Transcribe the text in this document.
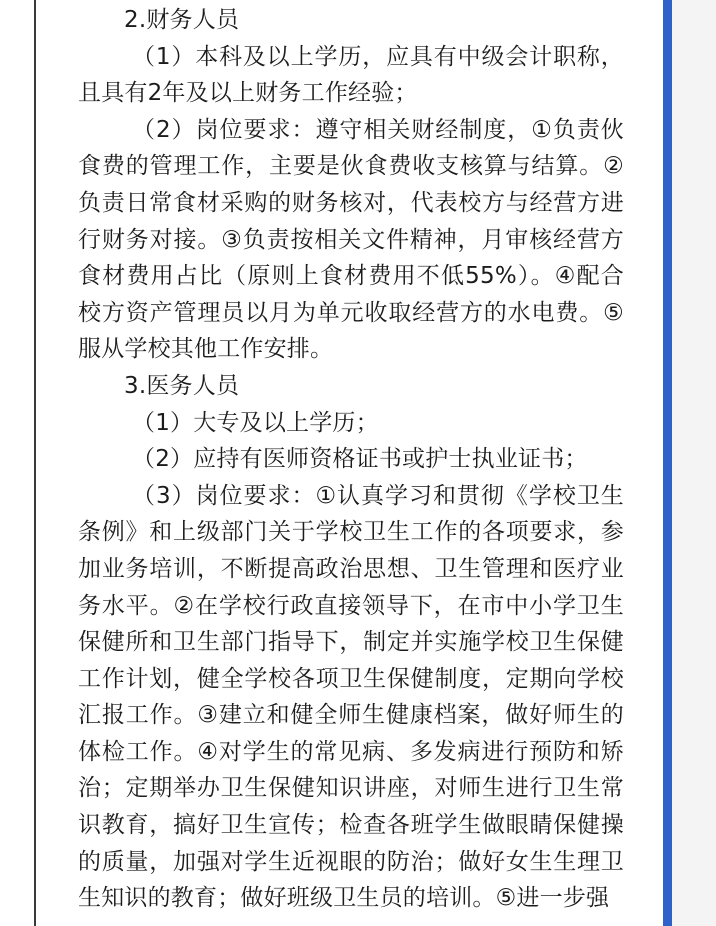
2.财务人员

（1）本科及以上学历，应具有中级会计职称，且具有2年及以上财务工作经验；

（2）岗位要求：遵守相关财经制度，①负责伙食费的管理工作，主要是伙食费收支核算与结算。②负责日常食材采购的财务核对，代表校方与经营方进行财务对接。③负责按相关文件精神，月审核经营方食材费用占比（原则上食材费用不低55%）。④配合校方资产管理员以月为单元收取经营方的水电费。⑤服从学校其他工作安排。

3.医务人员

（1）大专及以上学历；

（2）应持有医师资格证书或护士执业证书；

（3）岗位要求：①认真学习和贯彻《学校卫生条例》和上级部门关于学校卫生工作的各项要求，参加业务培训，不断提高政治思想、卫生管理和医疗业务水平。②在学校行政直接领导下，在市中小学卫生保健所和卫生部门指导下，制定并实施学校卫生保健工作计划，健全学校各项卫生保健制度，定期向学校汇报工作。③建立和健全师生健康档案，做好师生的体检工作。④对学生的常见病、多发病进行预防和矫治；定期举办卫生保健知识讲座，对师生进行卫生常识教育，搞好卫生宣传；检查各班学生做眼睛保健操的质量，加强对学生近视眼的防治；做好女生生理卫生知识的教育；做好班级卫生员的培训。⑤进一步强
